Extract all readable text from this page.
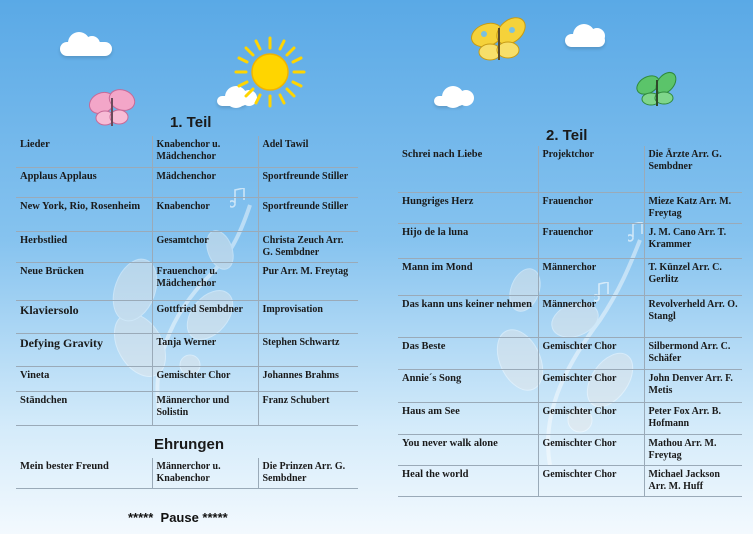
1. Teil
Lieder	Knabenchor u. Mädchenchor	Adel Tawil
Applaus Applaus	Mädchenchor	Sportfreunde Stiller
New York, Rio, Rosenheim	Knabenchor	Sportfreunde Stiller
Herbstlied	Gesamtchor	Christa Zeuch Arr. G. Sembdner
Neue Brücken	Frauenchor u. Mädchenchor	Pur Arr. M. Freytag
Klaviersolo	Gottfried Sembdner	Improvisation
Defying Gravity	Tanja Werner	Stephen Schwartz
Vineta	Gemischter Chor	Johannes Brahms
Ständchen	Männerchor und Solistin	Franz Schubert
Ehrungen
Mein bester Freund	Männerchor u. Knabenchor	Die Prinzen Arr. G. Sembdner
*****  Pause *****
2. Teil
Schrei nach Liebe	Projektchor	Die Ärzte Arr. G. Sembdner
Hungriges Herz	Frauenchor	Mieze Katz Arr. M. Freytag
Hijo de la luna	Frauenchor	J. M. Cano Arr. T. Krammer
Mann im Mond	Männerchor	T. Künzel Arr. C. Gerlitz
Das kann uns keiner nehmen	Männerchor	Revolverheld Arr. O. Stangl
Das Beste	Gemischter Chor	Silbermond Arr. C. Schäfer
Annie´s Song	Gemischter Chor	John Denver Arr. F. Metis
Haus am See	Gemischter Chor	Peter Fox Arr. B. Hofmann
You never walk alone	Gemischter Chor	Mathou Arr. M. Freytag
Heal the world	Gemischter Chor	Michael Jackson Arr. M. Huff
